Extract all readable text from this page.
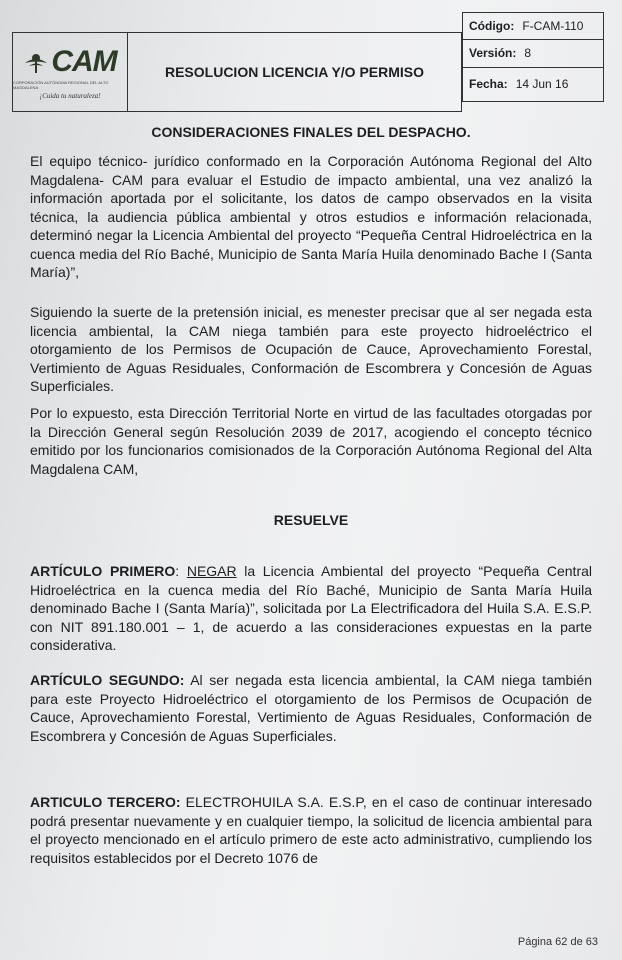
CAM
CORPORACIÓN AUTÓNOMA REGIONAL DEL ALTO MAGDALENA
¡Cuida tu naturaleza!
RESOLUCION LICENCIA Y/O PERMISO
Código: F-CAM-110
Versión: 8
Fecha: 14 Jun 16
CONSIDERACIONES FINALES DEL DESPACHO.
El equipo técnico- jurídico conformado en la Corporación Autónoma Regional del Alto Magdalena- CAM para evaluar el Estudio de impacto ambiental, una vez analizó la información aportada por el solicitante, los datos de campo observados en la visita técnica, la audiencia pública ambiental y otros estudios e información relacionada, determinó negar la Licencia Ambiental del proyecto “Pequeña Central Hidroeléctrica en la cuenca media del Río Baché, Municipio de Santa María Huila denominado Bache I (Santa María)”,
Siguiendo la suerte de la pretensión inicial, es menester precisar que al ser negada esta licencia ambiental, la CAM niega también para este proyecto hidroeléctrico el otorgamiento de los Permisos de Ocupación de Cauce, Aprovechamiento Forestal, Vertimiento de Aguas Residuales, Conformación de Escombrera y Concesión de Aguas Superficiales.
Por lo expuesto, esta Dirección Territorial Norte en virtud de las facultades otorgadas por la Dirección General según Resolución 2039 de 2017, acogiendo el concepto técnico emitido por los funcionarios comisionados de la Corporación Autónoma Regional del Alta Magdalena CAM,
RESUELVE
ARTÍCULO PRIMERO: NEGAR la Licencia Ambiental del proyecto “Pequeña Central Hidroeléctrica en la cuenca media del Río Baché, Municipio de Santa María Huila denominado Bache I (Santa María)”, solicitada por La Electrificadora del Huila S.A. E.S.P. con NIT 891.180.001 – 1, de acuerdo a las consideraciones expuestas en la parte considerativa.
ARTÍCULO SEGUNDO: Al ser negada esta licencia ambiental, la CAM niega también para este Proyecto Hidroeléctrico el otorgamiento de los Permisos de Ocupación de Cauce, Aprovechamiento Forestal, Vertimiento de Aguas Residuales, Conformación de Escombrera y Concesión de Aguas Superficiales.
ARTICULO TERCERO: ELECTROHUILA S.A. E.S.P, en el caso de continuar interesado podrá presentar nuevamente y en cualquier tiempo, la solicitud de licencia ambiental para el proyecto mencionado en el artículo primero de este acto administrativo, cumpliendo los requisitos establecidos por el Decreto 1076 de
Página 62 de 63
